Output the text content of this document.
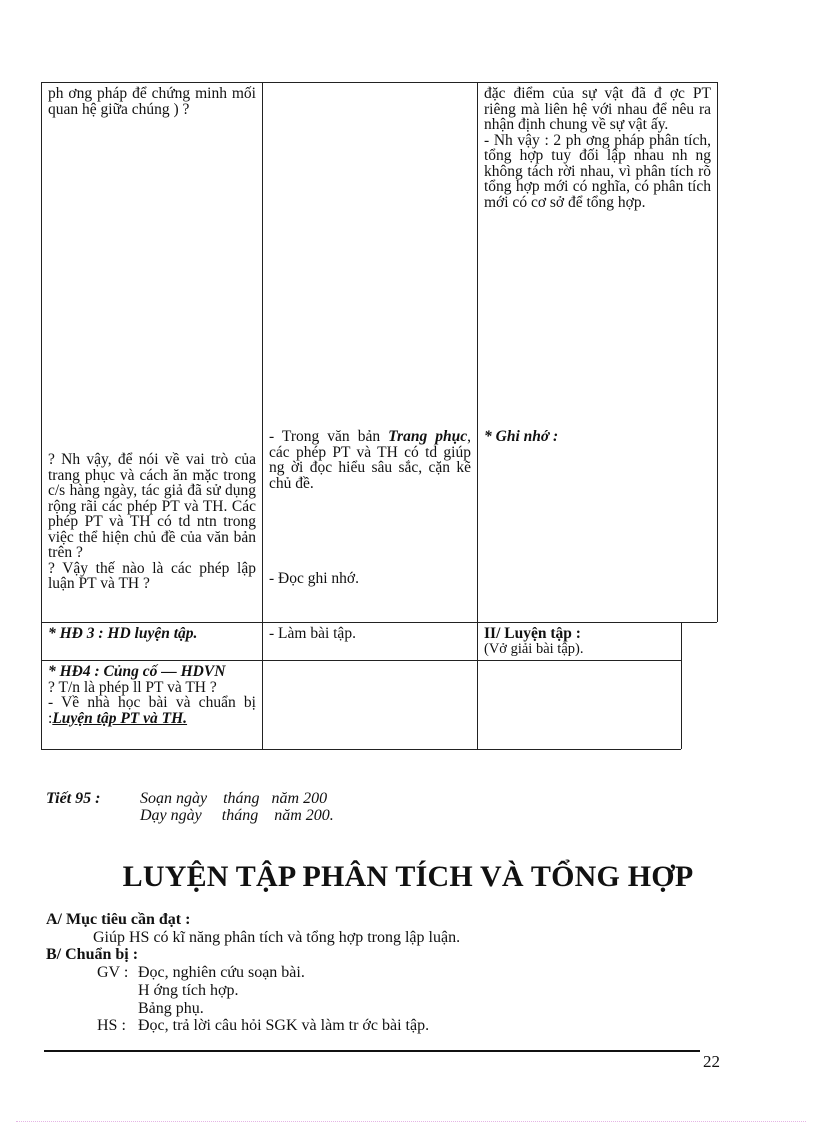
ph ơng pháp để chứng minh mối quan hệ giữa chúng ) ?

đặc điểm của sự vật đã đ ợc PT riêng mà liên hệ với nhau để nêu ra nhận định chung về sự vật ấy.

- Nh vậy : 2 ph ơng pháp phân tích, tổng hợp tuy đối lập nhau nh ng không tách rời nhau, vì phân tích rõ tổng hợp mới có nghĩa, có phân tích mới có cơ sở để tổng hợp.

? Nh vậy, để nói về vai trò của trang phục và cách ăn mặc trong c/s hàng ngày, tác giả đã sử dụng rộng rãi các phép PT và TH. Các phép PT và TH có td ntn trong việc thể hiện chủ đề của văn bản trên ?

? Vậy thế nào là các phép lập luận PT và TH ?

- Trong văn bản Trang phục, các phép PT và TH có td giúp ng ời đọc hiểu sâu sắc, cặn kẽ chủ đề.

- Đọc ghi nhớ.

* Ghi nhớ :

* HĐ 3 : HD luyện tập.	- Làm bài tập.	II/ Luyện tập :

(Vở giải bài tập).

* HĐ4 : Củng cố — HDVN

? T/n là phép ll PT và TH ?

- Về nhà học bài và chuẩn bị :Luyện tập PT và TH.

Tiết 95 : Soạn ngày    tháng   năm 200
Dạy ngày     tháng    năm 200.
LUYỆN TẬP PHÂN TÍCH VÀ TỔNG HỢP
A/ Mục tiêu cần đạt :
Giúp HS có kĩ năng phân tích và tổng hợp trong lập luận.
B/ Chuẩn bị :
GV : Đọc, nghiên cứu soạn bài.
H ớng tích hợp.
Bảng phụ.
HS : Đọc, trả lời câu hỏi SGK và làm tr ớc bài tập.
22
